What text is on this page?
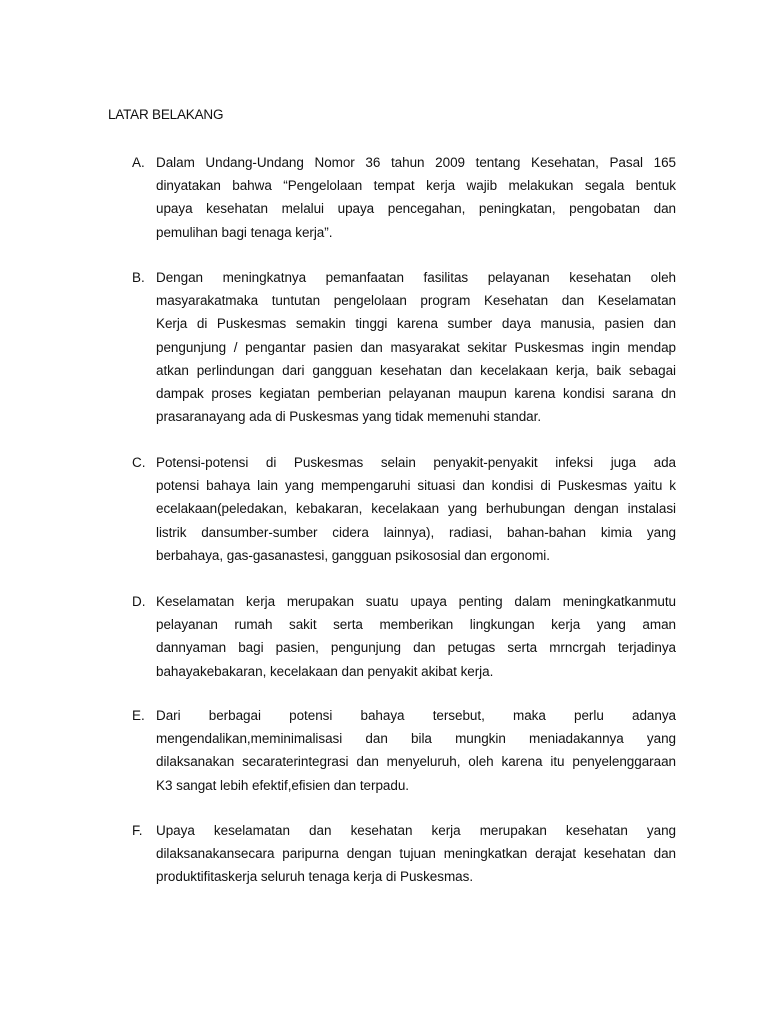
LATAR BELAKANG
A. Dalam Undang-Undang Nomor 36 tahun 2009 tentang Kesehatan, Pasal 165
dinyatakan bahwa “Pengelolaan tempat kerja wajib melakukan segala bentuk
upaya kesehatan melalui upaya pencegahan, peningkatan, pengobatan dan
pemulihan bagi tenaga kerja”.
B. Dengan meningkatnya pemanfaatan fasilitas pelayanan kesehatan oleh
masyarakatmaka tuntutan pengelolaan program Kesehatan dan Keselamatan
Kerja di Puskesmas semakin tinggi karena sumber daya manusia, pasien dan
pengunjung / pengantar pasien dan masyarakat sekitar Puskesmas ingin mendap
atkan perlindungan dari gangguan kesehatan dan kecelakaan kerja, baik sebagai
dampak proses kegiatan pemberian pelayanan maupun karena kondisi sarana dn
prasaranayang ada di Puskesmas yang tidak memenuhi standar.
C. Potensi-potensi di Puskesmas selain penyakit-penyakit infeksi juga ada
potensi bahaya lain yang mempengaruhi situasi dan kondisi di Puskesmas yaitu k
ecelakaan(peledakan, kebakaran, kecelakaan yang berhubungan dengan instalasi
listrik dansumber-sumber cidera lainnya), radiasi, bahan-bahan kimia yang
berbahaya, gas-gasanastesi, gangguan psikososial dan ergonomi.
D. Keselamatan kerja merupakan suatu upaya penting dalam meningkatkanmutu
pelayanan rumah sakit serta memberikan lingkungan kerja yang aman
dannyaman bagi pasien, pengunjung dan petugas serta mrncrgah terjadinya
bahayakebakaran, kecelakaan dan penyakit akibat kerja.
E. Dari berbagai potensi bahaya tersebut, maka perlu adanya
mengendalikan,meminimalisasi dan bila mungkin meniadakannya yang
dilaksanakan secaraterintegrasi dan menyeluruh, oleh karena itu penyelenggaraan
K3 sangat lebih efektif,efisien dan terpadu.
F. Upaya keselamatan dan kesehatan kerja merupakan kesehatan yang
dilaksanakansecara paripurna dengan tujuan meningkatkan derajat kesehatan dan
produktifitaskerja seluruh tenaga kerja di Puskesmas.
